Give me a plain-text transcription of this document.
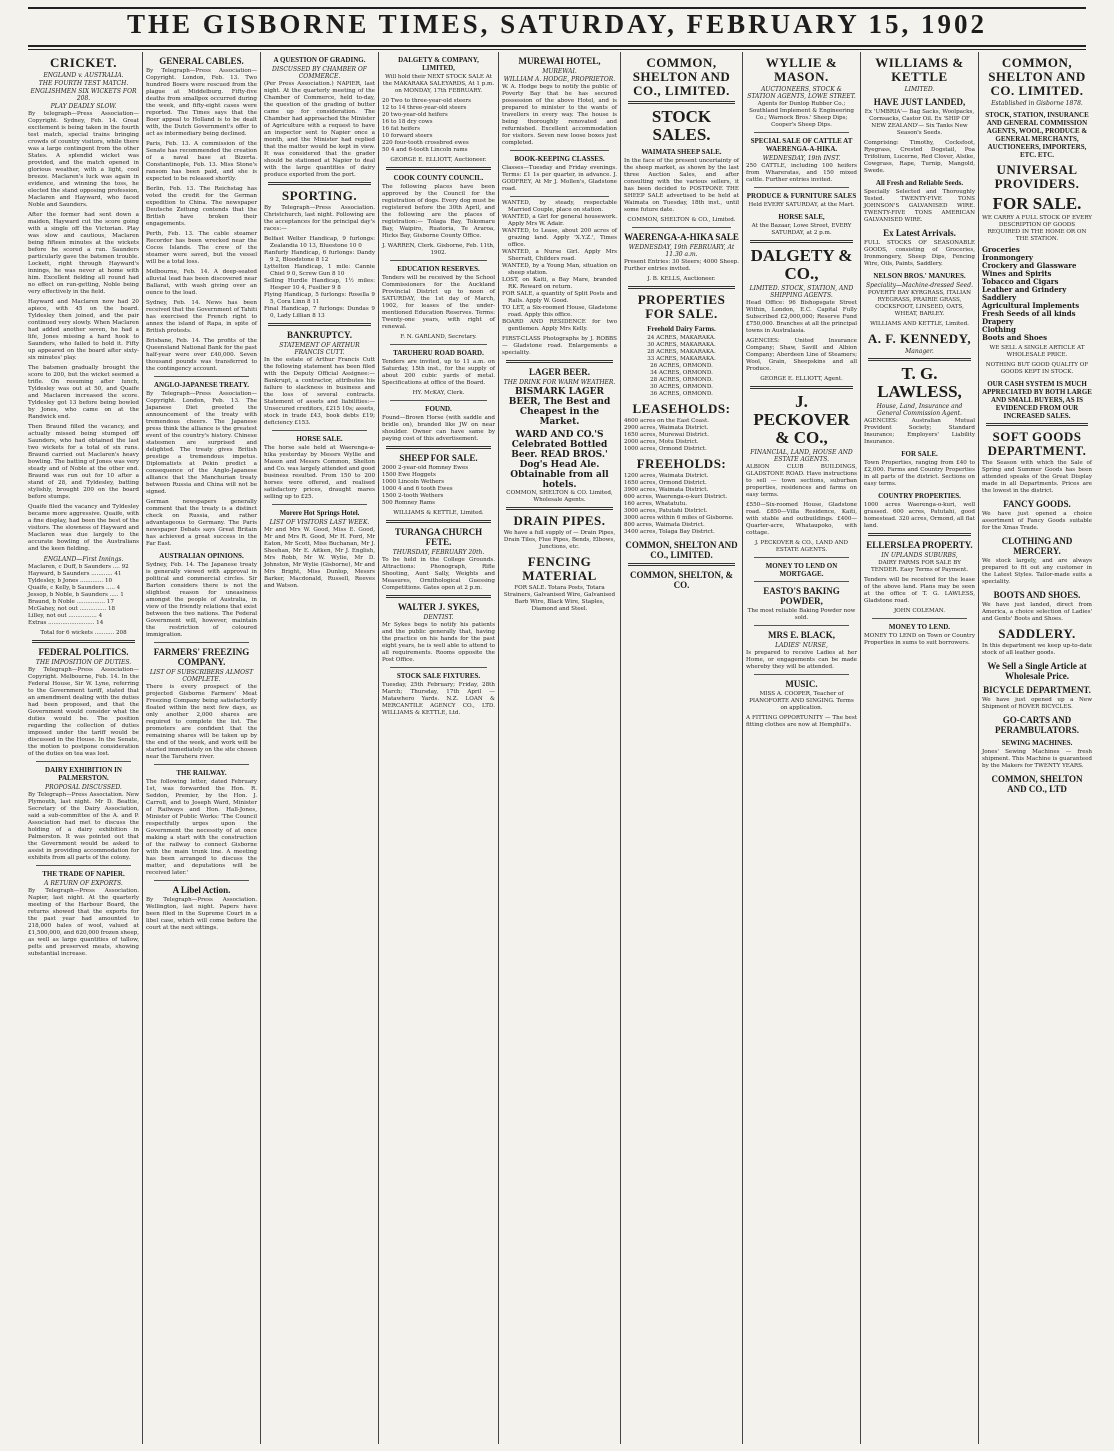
THE GISBORNE TIMES, SATURDAY, FEBRUARY 15, 1902
CRICKET.
ENGLAND v. AUSTRALIA.
THE FOURTH TEST MATCH.
ENGLISHMEN SIX WICKETS FOR 208.
PLAY DEADLY SLOW.

By telegraph—Press Association—Copyright. Sydney, Feb. 14. Great excitement is being taken in the fourth test match, special trains bringing crowds of country visitors, while there was a large contingent from the other States. A splendid wicket was provided, and the match opened in glorious weather, with a light, cool breeze. Maclaren's luck was again in evidence, and winning the toss, he elected the stand opposing profession, Maclaren and Hayward, who faced Noble and Saunders.

After the former had sent down a maiden, Hayward cut the score going with a single off the Victorian. Play was slow and cautious, Maclaren being fifteen minutes at the wickets before he scored a run. Saunders particularly gave the batsmen trouble. Lockett, right through Hayward's innings, he was never at home with him. Excellent fielding all round had no effect on run-getting, Noble being very effectively in the field.

Hayward and Maclaren now had 20 apiece, with 45 on the board. Tyldesley then joined, and the pair continued very slowly. When Maclaren had added another seven, he had a life, Jones missing a hard hook to Saunders, who failed to hold it. Fifty up appeared on the board after sixty-six minutes' play.

The batsmen gradually brought the score to 200, but the wicket seemed a trifle. On resuming after lunch, Tyldesley was out at 50, and Quaife and Maclaren increased the score. Tyldesley got 13 before being bowled by Jones, who came on at the Randwick end.

Then Braund filled the vacancy, and actually missed being stumped off Saunders, who had obtained the last two wickets for a total of six runs. Braund carried out Maclaren's heavy bowling. The batting of Jones was very steady and of Noble at the other end. Braund was run out for 10 after a stand of 28, and Tyldesley, batting stylishly, brought 200 on the board before stumps.

Quaife filed the vacancy and Tyldesley became more aggressive. Quaife, with a fine display, had been the best of the visitors. The slowness of Hayward and Maclaren was due largely to the accurate bowling of the Australians and the keen fielding.

ENGLAND—First Innings.
Maclaren, c Duff, b Saunders .... 92
Hayward, b Saunders ............ 41
Tyldesley, b Jones ............. 10
Quaife, c Kelly, b Saunders ..... 4
Jessop, b Noble, b Saunders ..... 1
Braund, b Noble ................ 17
McGahey, not out ............... 18
Lilley, not out ................ 4
Extras .......................... 14
Total for 6 wickets ........... 208
FEDERAL POLITICS.
THE IMPOSITION OF DUTIES.

By Telegraph—Press Association—Copyright. Melbourne, Feb. 14. In the Federal House, Sir W. Lyne, referring to the Government tariff, stated that an amendment dealing with the duties had been proposed, and that the Government would consider what the duties would be. The position regarding the collection of duties imposed under the tariff would be discussed in the House. In the Senate, the motion to postpone consideration of the duties on tea was lost.

DAIRY EXHIBITION IN PALMERSTON.
PROPOSAL DISCUSSED.

By Telegraph—Press Association. New Plymouth, last night. Mr D. Beattie, Secretary of the Dairy Association, said a sub-committee of the A. and P. Association had met to discuss the holding of a dairy exhibition in Palmerston. It was pointed out that the Government would be asked to assist in providing accommodation for exhibits from all parts of the colony.

THE TRADE OF NAPIER.
A RETURN OF EXPORTS.

By Telegraph—Press Association. Napier, last night. At the quarterly meeting of the Harbour Board, the returns showed that the exports for the past year had amounted to 218,000 bales of wool, valued at £1,500,000, and 620,000 frozen sheep, as well as large quantities of tallow, pelts and preserved meats, showing substantial increase.

GENERAL CABLES.

By Telegraph—Press Association—Copyright. London, Feb. 13. Two hundred Boers were rescued from the plague at Middelburg. Fifty-five deaths from smallpox occurred during the week, and fifty-eight cases were reported. The Times says that the Boer appeal to Holland is to be dealt with, the Dutch Government's offer to act as intermediary being declined.

Paris, Feb. 13. A commission of the Senate has recommended the creation of a naval base at Bizerta. Constantinople, Feb. 13. Miss Stone's ransom has been paid, and she is expected to be released shortly.

Berlin, Feb. 13. The Reichstag has voted the credit for the German expedition to China. The newspaper Deutsche Zeitung contends that the British have broken their engagements.

Perth, Feb. 13. The cable steamer Recorder has been wrecked near the Cocos Islands. The crew of the steamer were saved, but the vessel will be a total loss.

Melbourne, Feb. 14. A deep-seated alluvial lead has been discovered near Ballarat, with wash giving over an ounce to the load.

Sydney, Feb. 14. News has been received that the Government of Tahiti has exercised the French right to annex the island of Rapa, in spite of British protests.

Brisbane, Feb. 14. The profits of the Queensland National Bank for the past half-year were over £40,000. Seven thousand pounds was transferred to the contingency account.

ANGLO-JAPANESE TREATY.

By Telegraph—Press Association—Copyright. London, Feb. 13. The Japanese Diet greeted the announcement of the treaty with tremendous cheers. The Japanese press think the alliance is the greatest event of the country's history. Chinese statesmen are surprised and delighted. The treaty gives British prestige a tremendous impetus. Diplomatists at Pekin predict a consequence of the Anglo-Japanese alliance that the Manchurian treaty between Russia and China will not be signed.

German newspapers generally comment that the treaty is a distinct check on Russia, and rather advantageous to Germany. The Paris newspaper Debats says Great Britain has achieved a great success in the Far East.

AUSTRALIAN OPINIONS.

Sydney, Feb. 14. The Japanese treaty is generally viewed with approval in political and commercial circles. Sir Barton considers there is not the slightest reason for uneasiness amongst the people of Australia, in view of the friendly relations that exist between the two nations. The Federal Government will, however, maintain the restriction of coloured immigration.

FARMERS' FREEZING COMPANY.
LIST OF SUBSCRIBERS ALMOST COMPLETE.

There is every prospect of the projected Gisborne Farmers' Meat Freezing Company being satisfactorily floated within the next few days, as only another 2,000 shares are required to complete the list. The promoters are confident that the remaining shares will be taken up by the end of the week, and work will be started immediately on the site chosen near the Taruheru river.

THE RAILWAY.

The following letter, dated February 1st, was forwarded the Hon. R. Seddon, Premier, by the Hon. J. Carroll, and to Joseph Ward, Minister of Railways and Hon. Hall-Jones, Minister of Public Works: 'The Council respectfully urges upon the Government the necessity of at once making a start with the construction of the railway to connect Gisborne with the main trunk line. A meeting has been arranged to discuss the matter, and deputations will be received later.'

A Libel Action.

By Telegraph—Press Association. Wellington, last night. Papers have been filed in the Supreme Court in a libel case, which will come before the court at the next sittings.

A QUESTION OF GRADING.
DISCUSSED BY CHAMBER OF COMMERCE.

(Per Press Association.) NAPIER, last night. At the quarterly meeting of the Chamber of Commerce, held to-day, the question of the grading of butter came up for consideration. The Chamber had approached the Minister of Agriculture with a request to have an inspector sent to Napier once a month, and the Minister had replied that the matter would be kept in view. It was considered that the grader should be stationed at Napier to deal with the large quantities of dairy produce exported from the port.

SPORTING.

By Telegraph—Press Association. Christchurch, last night. Following are the acceptances for the principal day's races:—

Belfast Welter Handicap, 9 furlongs: Zealandia 10 13, Bluestone 10 0
Ranfurly Handicap, 6 furlongs: Dandy 9 2, Bloodstone 8 12
Lyttelton Handicap, 1 mile: Cannie Chiel 9 0, Screw Gun 8 10
Selling Hurdle Handicap, 1½ miles: Hesper 10 4, Fusilier 9 8
Flying Handicap, 5 furlongs: Rosella 9 5, Cora Linn 8 11
Final Handicap, 7 furlongs: Dundas 9 0, Lady Lillian 8 13
BANKRUPTCY.
STATEMENT OF ARTHUR FRANCIS CUTT.

In the estate of Arthur Francis Cutt the following statement has been filed with the Deputy Official Assignee:— Bankrupt, a contractor, attributes his failure to slackness in business and the loss of several contracts. Statement of assets and liabilities:— Unsecured creditors, £215 10s; assets, stock in trade £43, book debts £19; deficiency £153.

HORSE SALE.

The horse sale held at Waerenga-a-hika yesterday by Messrs Wyllie and Mason and Messrs Common, Shelton and Co. was largely attended and good business resulted. From 150 to 200 horses were offered, and realised satisfactory prices, draught mares selling up to £25.

Morere Hot Springs Hotel.
LIST OF VISITORS LAST WEEK.

Mr and Mrs W. Good, Miss E. Good, Mr and Mrs R. Good, Mr H. Ford, Mr Eaton, Mr Scott, Miss Buchanan, Mr J. Sheehan, Mr E. Aitken, Mr J. English, Mrs Robb, Mr W. Wylie, Mr D. Johnston, Mr Wylie (Gisborne), Mr and Mrs Bright, Miss Dunlop, Messrs Barker, Macdonald, Russell, Reeves and Watson.

DALGETY & COMPANY, LIMITED,

Will hold their NEXT STOCK SALE At the MAKARAKA SALEYARDS, At 1 p.m. on MONDAY, 17th FEBRUARY.

20 Two to three-year-old steers
12 to 14 three-year-old steers
20 two-year-old heifers
16 to 18 dry cows
16 fat heifers
10 forward steers
220 four-tooth crossbred ewes
50 4 and 6-tooth Lincoln rams
GEORGE E. ELLIOTT, Auctioneer.
COOK COUNTY COUNCIL.

The following places have been approved by the Council for the registration of dogs. Every dog must be registered before the 30th April, and the following are the places of registration:— Tolaga Bay, Tokomaru Bay, Waipiro, Ruatoria, Te Araroa, Hicks Bay, Gisborne County Office.

J. WARREN, Clerk. Gisborne, Feb. 11th, 1902.
EDUCATION RESERVES.

Tenders will be received by the School Commissioners for the Auckland Provincial District up to noon of SATURDAY, the 1st day of March, 1902, for leases of the under-mentioned Education Reserves. Terms: Twenty-one years, with right of renewal.

F. N. GARLAND, Secretary.
TARUHERU ROAD BOARD.

Tenders are invited, up to 11 a.m. on Saturday, 15th inst., for the supply of about 200 cubic yards of metal. Specifications at office of the Board.

HY. McKAY, Clerk.
FOUND.

Found—Brown Horse (with saddle and bridle on), branded like JW on near shoulder. Owner can have same by paying cost of this advertisement.

SHEEP FOR SALE.
2000 2-year-old Romney Ewes
1500 Ewe Hoggets
1000 Lincoln Wethers
1000 4 and 6 tooth Ewes
1500 2-tooth Wethers
500 Romney Rams
WILLIAMS & KETTLE, Limited.
TURANGA CHURCH FETE.
THURSDAY, FEBRUARY 20th.

To be held in the College Grounds. Attractions: Phonograph, Rifle Shooting, Aunt Sally, Weights and Measures, Ornithological Guessing Competitions. Gates open at 2 p.m.

WALTER J. SYKES,
DENTIST.

Mr Sykes begs to notify his patients and the public generally that, having the practice on his hands for the past eight years, he is well able to attend to all requirements. Rooms opposite the Post Office.

STOCK SALE FIXTURES.

Tuesday, 25th February; Friday, 28th March; Thursday, 17th April — Matawhero Yards. N.Z. LOAN & MERCANTILE AGENCY CO., LTD. WILLIAMS & KETTLE, Ltd.

MUREWAI HOTEL,
MUREWAI.
WILLIAM A. HODGE, PROPRIETOR.

W. A. Hodge begs to notify the public of Poverty Bay that he has secured possession of the above Hotel, and is prepared to minister to the wants of travellers in every way. The house is being thoroughly renovated and refurnished. Excellent accommodation for visitors. Seven new loose boxes just completed.

BOOK-KEEPING CLASSES.

Classes—Tuesday and Friday evenings. Terms: £1 1s per quarter, in advance. J. GODFREY, At Mr J. Mollen's, Gladstone road.

WANTED, by steady, respectable Married Couple, place on station.
WANTED, a Girl for general housework. Apply Mrs W. Adair.
WANTED, to Lease, about 200 acres of grazing land. Apply 'X.Y.Z.', Times office.
WANTED, a Nurse Girl. Apply Mrs Sherratt, Childers road.
WANTED, by a Young Man, situation on sheep station.
LOST, on Kaiti, a Bay Mare, branded RK. Reward on return.
FOR SALE, a quantity of Split Posts and Rails. Apply W. Good.
TO LET, a Six-roomed House, Gladstone road. Apply this office.
BOARD AND RESIDENCE for two gentlemen. Apply Mrs Kelly.

FIRST-CLASS Photographs by J. ROBBS — Gladstone road. Enlargements a speciality.

LAGER BEER.
THE DRINK FOR WARM WEATHER.
BISMARK LAGER BEER, The Best and Cheapest in the Market.
WARD AND CO.'S Celebrated Bottled Beer. READ BROS.' Dog's Head Ale. Obtainable from all hotels.
COMMON, SHELTON & CO. Limited, Wholesale Agents.
DRAIN PIPES.

We have a full supply of — Drain Pipes, Drain Tiles, Flue Pipes, Bends, Elbows, Junctions, etc.

FENCING MATERIAL

FOR SALE. Totara Posts, Totara Strainers, Galvanised Wire, Galvanised Barb Wire, Black Wire, Staples, Diamond and Steel.

COMMON, SHELTON AND CO., LIMITED.
STOCK SALES.
WAIMATA SHEEP SALE.

In the face of the present uncertainty of the sheep market, as shown by the last three Auction Sales, and after consulting with the various sellers, it has been decided to POSTPONE THE SHEEP SALE advertised to be held at Waimata on Tuesday, 18th inst., until some future date.

COMMON, SHELTON & CO., Limited.
WAERENGA-A-HIKA SALE
WEDNESDAY, 19th FEBRUARY, At 11.30 a.m.

Present Entries: 30 Steers; 4000 Sheep. Further entries invited.

J. B. KELLS, Auctioneer.
PROPERTIES FOR SALE.
Freehold Dairy Farms.
24 ACRES, MAKARAKA.
30 ACRES, MAKARAKA.
28 ACRES, MAKARAKA.
33 ACRES, MAKARAKA.
26 ACRES, ORMOND.
34 ACRES, ORMOND.
28 ACRES, ORMOND.
30 ACRES, ORMOND.
36 ACRES, ORMOND.
LEASEHOLDS:
4600 acres on the East Coast.
2900 acres, Waimata District.
1650 acres, Murewai District.
2000 acres, Motu District.
1000 acres, Ormond District.
FREEHOLDS:
1200 acres, Waimata District.
1650 acres, Ormond District.
3900 acres, Waimata District.
600 acres, Waerenga-o-kuri District.
160 acres, Whatatutu.
3000 acres, Patutahi District.
3000 acres within 6 miles of Gisborne.
800 acres, Waimata District.
3400 acres, Tolaga Bay District.
COMMON, SHELTON AND CO., LIMITED.
COMMON, SHELTON, & CO.
WYLLIE & MASON.
AUCTIONEERS, STOCK & STATION AGENTS, LOWE STREET.

Agents for Dunlop Rubber Co.; Southland Implement & Engineering Co.; Warnock Bros.' Sheep Dips; Cooper's Sheep Dips.

SPECIAL SALE OF CATTLE AT WAERENGA-A-HIKA.
WEDNESDAY, 19th INST.

250 CATTLE, including 100 heifers from Whareratas, and 150 mixed cattle. Further entries invited.

PRODUCE & FURNITURE SALES

Held EVERY SATURDAY, at the Mart.

HORSE SALE,

At the Bazaar, Lowe Street, EVERY SATURDAY, at 2 p.m.

DALGETY & CO.,
LIMITED. STOCK, STATION, AND SHIPPING AGENTS.

Head Office: 96 Bishopsgate Street Within, London, E.C. Capital Fully Subscribed £2,000,000; Reserve Fund £750,000. Branches at all the principal towns in Australasia.

AGENCIES: United Insurance Company; Shaw, Savill and Albion Company; Aberdeen Line of Steamers; Wool, Grain, Sheepskins and all Produce.

GEORGE E. ELLIOTT, Agent.
J. PECKOVER & CO.,
FINANCIAL, LAND, HOUSE AND ESTATE AGENTS.

ALBION CLUB BUILDINGS, GLADSTONE ROAD. Have instructions to sell — town sections, suburban properties, residences and farms on easy terms.

£550—Six-roomed House, Gladstone road. £850—Villa Residence, Kaiti, with stable and outbuildings. £400—Quarter-acre, Whataupoko, with cottage.

J. PECKOVER & CO., LAND AND ESTATE AGENTS.
MONEY TO LEND ON MORTGAGE.
EASTO'S BAKING POWDER,

The most reliable Baking Powder now sold.

MRS E. BLACK,
LADIES' NURSE,

Is prepared to receive Ladies at her Home, or engagements can be made whereby they will be attended.

MUSIC.

MISS A. COOPER, Teacher of PIANOFORTE AND SINGING. Terms on application.

A FITTING OPPORTUNITY — The best fitting clothes are now at Hemphill's.

WILLIAMS & KETTLE
LIMITED.
HAVE JUST LANDED,

Ex 'UMBRIA'— Bag Sacks, Woolpacks, Cornsacks, Castor Oil. Ex 'SHIP OF NEW ZEALAND'— Six Tanks New Season's Seeds.

Comprising: Timothy, Cocksfoot, Ryegrass, Crested Dogstail, Poa Trifolium, Lucerne, Red Clover, Alsike, Cowgrass, Rape, Turnip, Mangold, Swede.

All Fresh and Reliable Seeds.

Specially Selected and Thoroughly Tested. TWENTY-FIVE TONS JOHNSON'S GALVANISED WIRE. TWENTY-FIVE TONS AMERICAN GALVANISED WIRE.

Ex Latest Arrivals.

FULL STOCKS OF SEASONABLE GOODS, consisting of Groceries, Ironmongery, Sheep Dips, Fencing Wire, Oils, Paints, Saddlery.

NELSON BROS.' MANURES.
Speciality—Machine-dressed Seed.

POVERTY BAY KYRGRASS, ITALIAN RYEGRASS, PRAIRIE GRASS, COCKSFOOT, LINSEED, OATS, WHEAT, BARLEY.

WILLIAMS AND KETTLE, Limited.
A. F. KENNEDY,
Manager.
T. G. LAWLESS,
House, Land, Insurance and General Commission Agent.

AGENCIES: Australian Mutual Provident Society; Standard Insurance; Employers' Liability Insurance.

FOR SALE.

Town Properties, ranging from £40 to £2,000. Farms and Country Properties in all parts of the district. Sections on easy terms.

COUNTRY PROPERTIES.

1000 acres Waerenga-o-kuri, well grassed. 600 acres, Patutahi, good homestead. 320 acres, Ormond, all flat land.

ELLERSLEA PROPERTY.
IN UPLANDS SUBURBS,

DAIRY FARMS FOR SALE BY TENDER. Easy Terms of Payment.

Tenders will be received for the lease of the above land. Plans may be seen at the office of T. G. LAWLESS, Gladstone road.

JOHN COLEMAN.
MONEY TO LEND.

MONEY TO LEND on Town or Country Properties in sums to suit borrowers.

COMMON, SHELTON AND CO. LIMITED.
Established in Gisborne 1878.
STOCK, STATION, INSURANCE AND GENERAL COMMISSION AGENTS, WOOL, PRODUCE & GENERAL MERCHANTS, AUCTIONEERS, IMPORTERS, ETC. ETC.
UNIVERSAL PROVIDERS.
FOR SALE.

WE CARRY A FULL STOCK OF EVERY DESCRIPTION OF GOODS REQUIRED IN THE HOME OR ON THE STATION.

Groceries
Ironmongery
Crockery and Glassware
Wines and Spirits
Tobacco and Cigars
Leather and Grindery
Saddlery
Agricultural Implements
Fresh Seeds of all kinds
Drapery
Clothing
Boots and Shoes

WE SELL A SINGLE ARTICLE AT WHOLESALE PRICE.

NOTHING BUT GOOD QUALITY OF GOODS KEPT IN STOCK.

OUR CASH SYSTEM IS MUCH APPRECIATED BY BOTH LARGE AND SMALL BUYERS, AS IS EVIDENCED FROM OUR INCREASED SALES.
SOFT GOODS DEPARTMENT.

The Season with which the Sale of Spring and Summer Goods has been attended speaks of the Great Display made in all Departments. Prices are the lowest in the district.

FANCY GOODS.

We have just opened a choice assortment of Fancy Goods suitable for the Xmas Trade.

CLOTHING AND MERCERY.

We stock largely, and are always prepared to fit out any customer in the Latest Styles. Tailor-made suits a speciality.

BOOTS AND SHOES.

We have just landed, direct from America, a choice selection of Ladies' and Gents' Boots and Shoes.

SADDLERY.

In this department we keep up-to-date stock of all leather goods.

We Sell a Single Article at Wholesale Price.
BICYCLE DEPARTMENT.

We have just opened up a New Shipment of ROVER BICYCLES.

GO-CARTS AND PERAMBULATORS.
SEWING MACHINES.

Jones' Sewing Machines — fresh shipment. This Machine is guaranteed by the Makers for TWENTY YEARS.

COMMON, SHELTON AND CO., LTD
